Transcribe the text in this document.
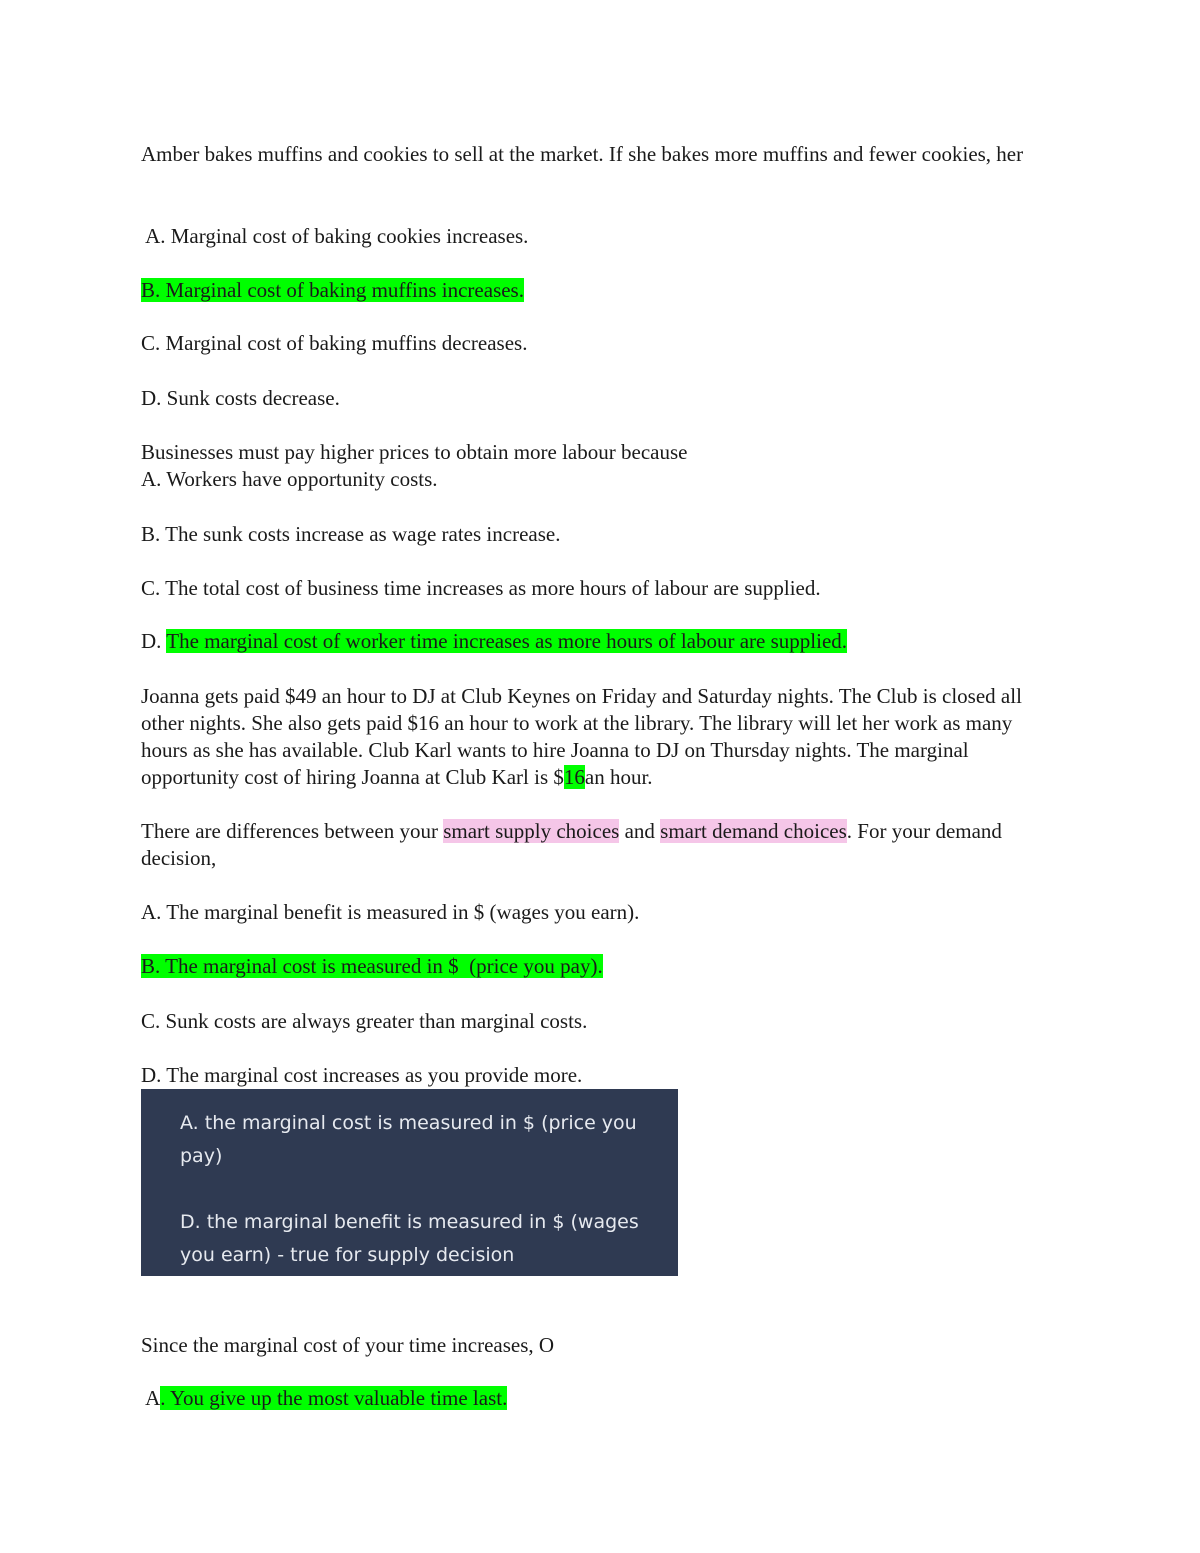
Amber bakes muffins and cookies to sell at the market. If she bakes more muffins and fewer cookies, her

A. Marginal cost of baking cookies increases.

B. Marginal cost of baking muffins increases.

C. Marginal cost of baking muffins decreases.

D. Sunk costs decrease.

Businesses must pay higher prices to obtain more labour because

A. Workers have opportunity costs.

B. The sunk costs increase as wage rates increase.

C. The total cost of business time increases as more hours of labour are supplied.

D. The marginal cost of worker time increases as more hours of labour are supplied.

Joanna gets paid $49 an hour to DJ at Club Keynes on Friday and Saturday nights. The Club is closed all other nights. She also gets paid $16 an hour to work at the library. The library will let her work as many hours as she has available. Club Karl wants to hire Joanna to DJ on Thursday nights. The marginal opportunity cost of hiring Joanna at Club Karl is $16an hour.

There are differences between your smart supply choices and smart demand choices. For your demand decision,

A. The marginal benefit is measured in $ (wages you earn).

B. The marginal cost is measured in $  (price you pay).

C. Sunk costs are always greater than marginal costs.

D. The marginal cost increases as you provide more.

A. the marginal cost is measured in $ (price you

pay)

D. the marginal benefit is measured in $ (wages

you earn) - true for supply decision

Since the marginal cost of your time increases, O

A. You give up the most valuable time last.
